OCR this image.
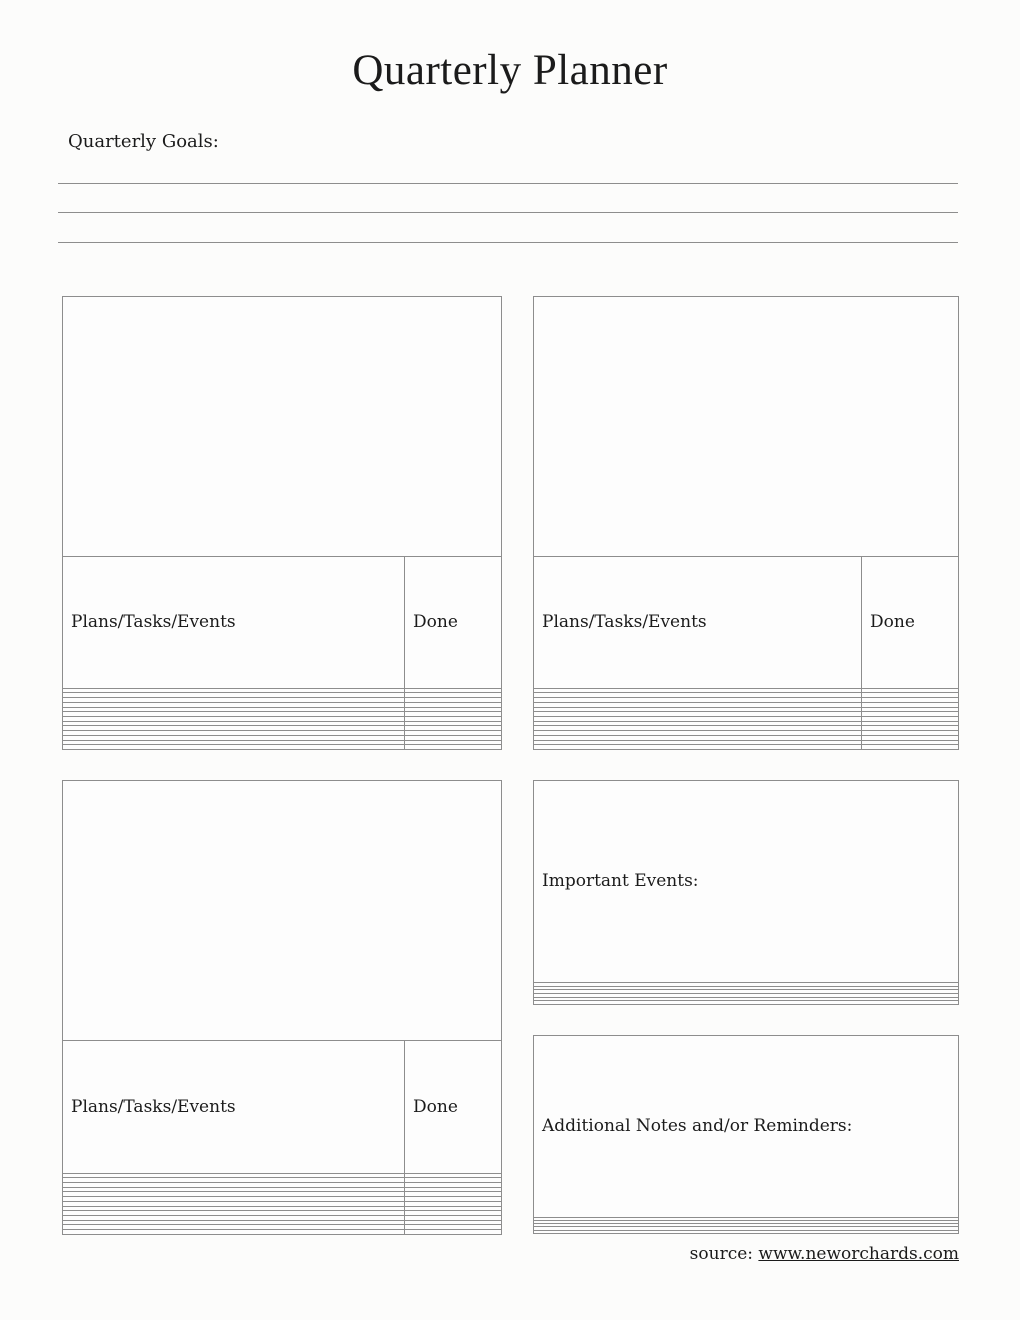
Quarterly Planner
Quarterly Goals:

Plans/Tasks/Events	Done

		Plans/Tasks/Events	Done

Plans/Tasks/Events	Done

Important Events:

Additional Notes and/or Reminders:

source: www.neworchards.com
